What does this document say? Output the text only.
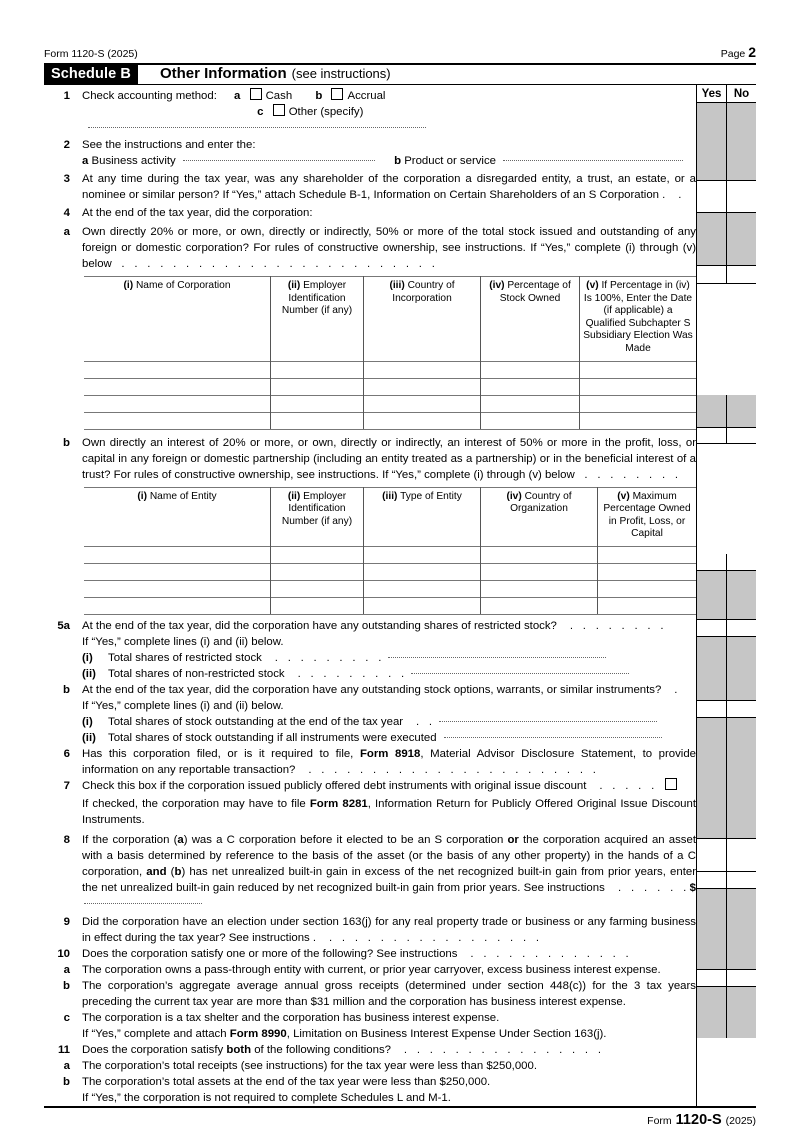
Form 1120-S (2025)	Page 2
Schedule B	Other Information (see instructions)
1	Check accounting method: a Cash b Accrual
c Other (specify)
2	See the instructions and enter the:
a Business activity	b Product or service
3	At any time during the tax year, was any shareholder of the corporation a disregarded entity, a trust, an estate, or a nominee or similar person? If “Yes,” attach Schedule B-1, Information on Certain Shareholders of an S Corporation .  .
4	At the end of the tax year, did the corporation:
a	Own directly 20% or more, or own, directly or indirectly, 50% or more of the total stock issued and outstanding of any foreign or domestic corporation? For rules of constructive ownership, see instructions. If “Yes,” complete (i) through (v) below  . . . . . . . . . . . . . . . . . . . . . . . . .
(i) Name of Corporation	(ii) Employer Identification Number (if any)	(iii) Country of Incorporation	(iv) Percentage of Stock Owned	(v) If Percentage in (iv) Is 100%, Enter the Date (if applicable) a Qualified Subchapter S Subsidiary Election Was Made

b	Own directly an interest of 20% or more, or own, directly or indirectly, an interest of 50% or more in the profit, loss, or capital in any foreign or domestic partnership (including an entity treated as a partnership) or in the beneficial interest of a trust? For rules of constructive ownership, see instructions. If “Yes,” complete (i) through (v) below  . . . . . . . .
(i) Name of Entity	(ii) Employer Identification Number (if any)	(iii) Type of Entity	(iv) Country of Organization	(v) Maximum Percentage Owned in Profit, Loss, or Capital

5a	At the end of the tax year, did the corporation have any outstanding shares of restricted stock?  . . . . . . . .
If “Yes,” complete lines (i) and (ii) below.
(i) Total shares of restricted stock  . . . . . . . . .
(ii) Total shares of non-restricted stock  . . . . . . . . .
b	At the end of the tax year, did the corporation have any outstanding stock options, warrants, or similar instruments?  .
If “Yes,” complete lines (i) and (ii) below.
(i) Total shares of stock outstanding at the end of the tax year  . .
(ii) Total shares of stock outstanding if all instruments were executed
6	Has this corporation filed, or is it required to file, Form 8918, Material Advisor Disclosure Statement, to provide information on any reportable transaction?  . . . . . . . . . . . . . . . . . . . . . . .
7	Check this box if the corporation issued publicly offered debt instruments with original issue discount  . . . . .
If checked, the corporation may have to file Form 8281, Information Return for Publicly Offered Original Issue Discount Instruments.
8	If the corporation (a) was a C corporation before it elected to be an S corporation or the corporation acquired an asset with a basis determined by reference to the basis of the asset (or the basis of any other property) in the hands of a C corporation, and (b) has net unrealized built-in gain in excess of the net recognized built-in gain from prior years, enter the net unrealized built-in gain reduced by net recognized built-in gain from prior years. See instructions  . . . . . .$
9	Did the corporation have an election under section 163(j) for any real property trade or business or any farming business in effect during the tax year? See instructions .  . . . . . . . . . . . . . . . . .
10	Does the corporation satisfy one or more of the following? See instructions  . . . . . . . . . . . . .
a	The corporation owns a pass-through entity with current, or prior year carryover, excess business interest expense.
b	The corporation’s aggregate average annual gross receipts (determined under section 448(c)) for the 3 tax years preceding the current tax year are more than $31 million and the corporation has business interest expense.
c	The corporation is a tax shelter and the corporation has business interest expense.
If “Yes,” complete and attach Form 8990, Limitation on Business Interest Expense Under Section 163(j).
11	Does the corporation satisfy both of the following conditions?  . . . . . . . . . . . . . . . .
a	The corporation’s total receipts (see instructions) for the tax year were less than $250,000.
b	The corporation’s total assets at the end of the tax year were less than $250,000.
If “Yes,” the corporation is not required to complete Schedules L and M-1.
Yes	No
Form 1120-S (2025)
